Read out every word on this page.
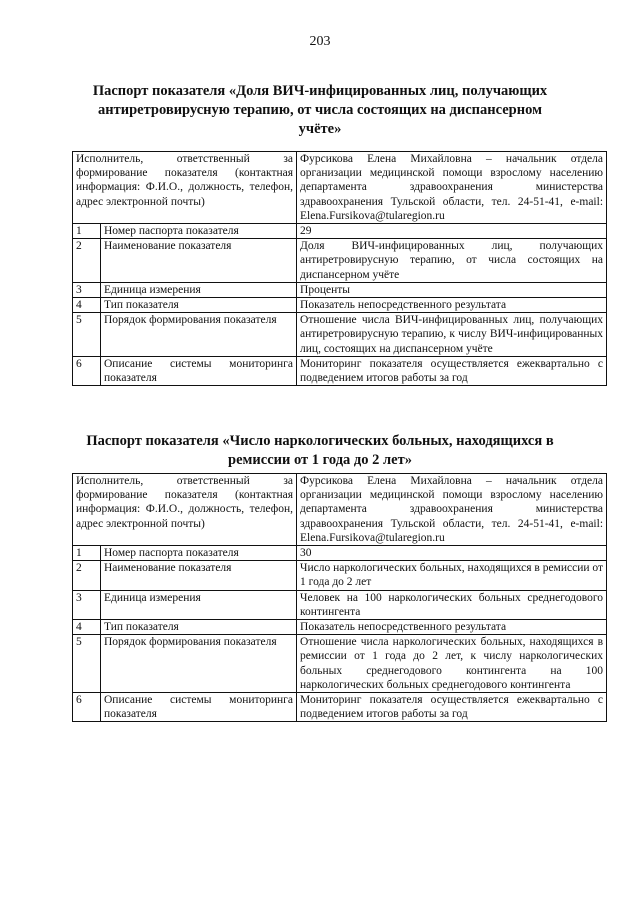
203
Паспорт показателя «Доля ВИЧ-инфицированных лиц, получающих антиретровирусную терапию, от числа состоящих на диспансерном учёте»
Исполнитель, ответственный за формирование показателя (контактная информация: Ф.И.О., должность, телефон, адрес электронной почты)		Фурсикова Елена Михайловна – начальник отдела организации медицинской помощи взрослому населению департамента здравоохранения министерства здравоохранения Тульской области, тел. 24-51-41, e-mail: Elena.Fursikova@tularegion.ru
1	Номер паспорта показателя	29
2	Наименование показателя	Доля ВИЧ-инфицированных лиц, получающих антиретровирусную терапию, от числа состоящих на диспансерном учёте
3	Единица измерения	Проценты
4	Тип показателя	Показатель непосредственного результата
5	Порядок формирования показателя	Отношение числа ВИЧ-инфицированных лиц, получающих антиретровирусную терапию, к числу ВИЧ-инфицированных лиц, состоящих на диспансерном учёте
6	Описание системы мониторинга показателя	Мониторинг показателя осуществляется ежеквартально с подведением итогов работы за год
Паспорт показателя «Число наркологических больных, находящихся в ремиссии от 1 года до 2 лет»
Исполнитель, ответственный за формирование показателя (контактная информация: Ф.И.О., должность, телефон, адрес электронной почты)		Фурсикова Елена Михайловна – начальник отдела организации медицинской помощи взрослому населению департамента здравоохранения министерства здравоохранения Тульской области, тел. 24-51-41, e-mail: Elena.Fursikova@tularegion.ru
1	Номер паспорта показателя	30
2	Наименование показателя	Число наркологических больных, находящихся в ремиссии от 1 года до 2 лет
3	Единица измерения	Человек на 100 наркологических больных среднегодового контингента
4	Тип показателя	Показатель непосредственного результата
5	Порядок формирования показателя	Отношение числа наркологических больных, находящихся в ремиссии от 1 года до 2 лет, к числу наркологических больных среднегодового контингента на 100 наркологических больных среднегодового контингента
6	Описание системы мониторинга показателя	Мониторинг показателя осуществляется ежеквартально с подведением итогов работы за год
